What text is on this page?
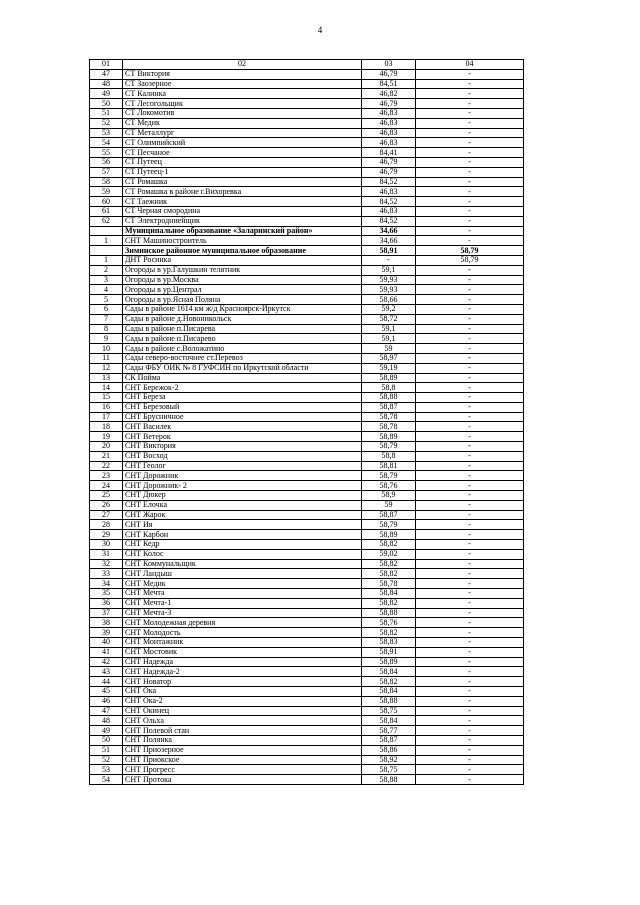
4
01	02	03	04
47	СТ Виктория	46,79	-
48	СТ Заозерное	84,51	-
49	СТ Калинка	46,82	-
50	СТ Лесогольщик	46,79	-
51	СТ Локомотив	46,83	-
52	СТ Медик	46,83	-
53	СТ Металлург	46,83	-
54	СТ Олимпийский	46,83	-
55	СТ Песчаное	84,41	-
56	СТ Путеец	46,79	-
57	СТ Путеец-1	46,79	-
58	СТ Ромашка	84,52	-
59	СТ Ромашка в районе г.Вихоревка	46,83	-
60	СТ Таежник	84,52	-
61	СТ Черная смородина	46,83	-
62	СТ Электродниейщик	84,52	-
	Муниципальное образование «Заларинский район»	34,66	-
1	СНТ Машиностроитель	34,66	-
	Зиминское районное муниципальное образование	58,91	58,79
1	ДНТ Росинка	-	58,79
2	Огороды в ур.Галушкин телятник	59,1	-
3	Огороды в ур.Москва	59,93	-
4	Огороды в ур.Централ	59,93	-
5	Огороды в ур.Ясная Поляна	58,66	-
6	Сады в районе 1614 км ж/д Красноярск-Иркутск	59,2	-
7	Сады в районе д.Новоникольск	58,72	-
8	Сады в районе п.Писарева	59,1	-
9	Сады в районе п.Писарево	59,1	-
10	Сады в районе с.Воложатино	59	-
11	Сады северо-восточнее ст.Перевоз	58,97	-
12	Сады ФБУ ОИК № 8 ГУФСИН по Иркутской области	59,19	-
13	СК Пойма	58,89	-
14	СНТ Бережок-2	58,8	-
15	СНТ Береза	58,88	-
16	СНТ Березовый	58,87	-
17	СНТ Брусничное	58,78	-
18	СНТ Василек	58,78	-
19	СНТ Ветерок	58,89	-
20	СНТ Виктория	58,79	-
21	СНТ Восход	58,8	-
22	СНТ Геолог	58,81	-
23	СНТ Дорожник	58,79	-
24	СНТ Дорожник- 2	58,76	-
25	СНТ Дюкер	58,9	-
26	СНТ Елочка	59	-
27	СНТ Жарок	58,87	-
28	СНТ Ия	58,79	-
29	СНТ Карбон	58,89	-
30	СНТ Кедр	58,82	-
31	СНТ Колос	59,02	-
32	СНТ Коммунальщик	58,82	-
33	СНТ Ландыш	58,82	-
34	СНТ Медик	58,78	-
35	СНТ Мечта	58,84	-
36	СНТ Мечта-1	58,82	-
37	СНТ Мечта-3	58,88	-
38	СНТ Молодежная деревня	58,76	-
39	СНТ Молодость	58,82	-
40	СНТ Монтажник	58,83	-
41	СНТ Мостовик	58,91	-
42	СНТ Надежда	58,89	-
43	СНТ Надежда-2	58,84	-
44	СНТ Новатор	58,82	-
45	СНТ Ока	58,84	-
46	СНТ Ока-2	58,88	-
47	СНТ Окинец	58,75	-
48	СНТ Ольха	58,84	-
49	СНТ Полевой стан	58,77	-
50	СНТ Полянка	58,87	-
51	СНТ Приозерное	58,86	-
52	СНТ Приокское	58,92	-
53	СНТ Прогресс	58,75	-
54	СНТ Протока	58,88	-
